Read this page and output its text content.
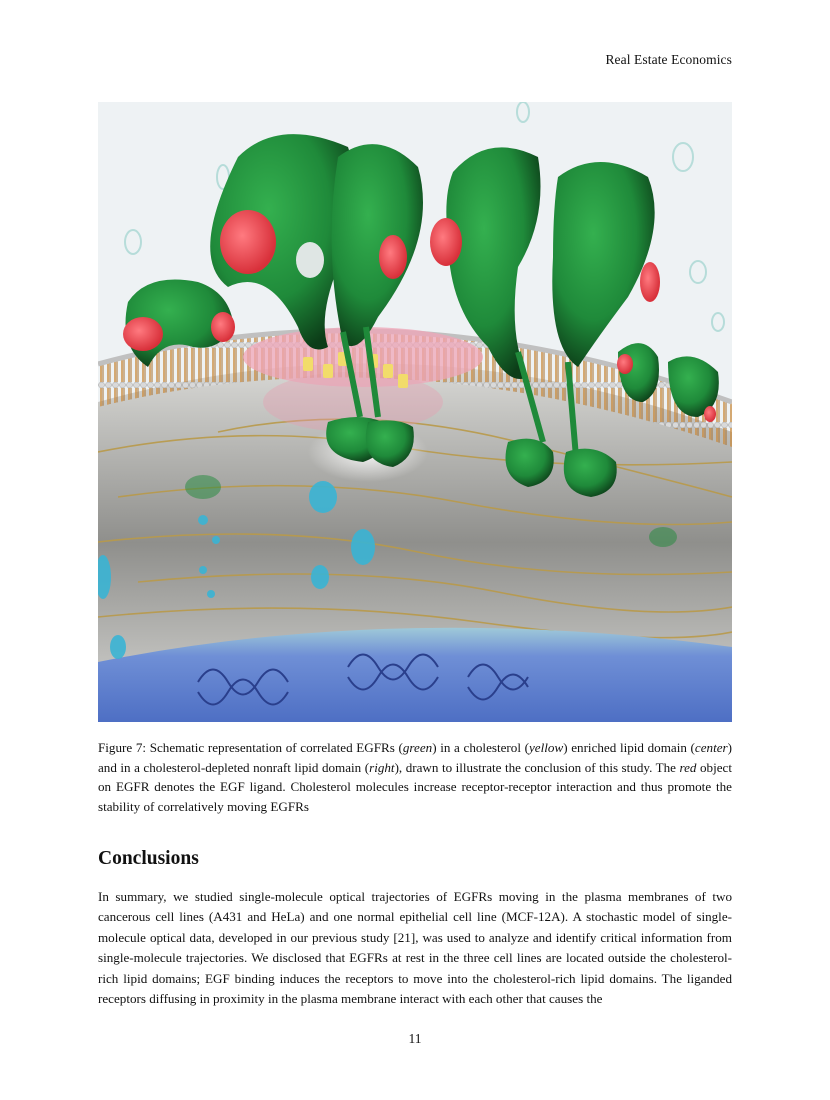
Real Estate Economics
Figure 7: Schematic representation of correlated EGFRs (green) in a cholesterol (yellow) enriched lipid domain (center) and in a cholesterol-depleted nonraft lipid domain (right), drawn to illustrate the conclusion of this study. The red object on EGFR denotes the EGF ligand. Cholesterol molecules increase receptor-receptor interaction and thus promote the stability of correlatively moving EGFRs
Conclusions

In summary, we studied single-molecule optical trajectories of EGFRs moving in the plasma membranes of two cancerous cell lines (A431 and HeLa) and one normal epithelial cell line (MCF-12A). A stochastic model of single-molecule optical data, developed in our previous study [21], was used to analyze and identify critical information from single-molecule trajectories. We disclosed that EGFRs at rest in the three cell lines are located outside the cholesterol-rich lipid domains; EGF binding induces the receptors to move into the cholesterol-rich lipid domains. The liganded receptors diffusing in proximity in the plasma membrane interact with each other that causes the

11
